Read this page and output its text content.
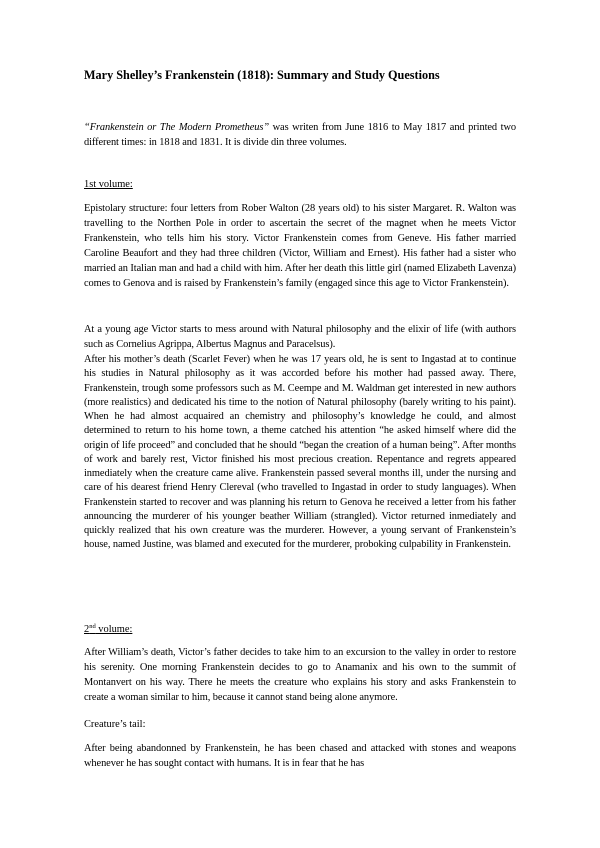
Mary Shelley’s Frankenstein (1818): Summary and Study Questions

“Frankenstein or The Modern Prometheus” was writen from June 1816 to May 1817 and printed two different times: in 1818 and 1831. It is divide din three volumes.

1st volume:

Epistolary structure: four letters from Rober Walton (28 years old) to his sister Margaret. R. Walton was travelling to the Northen Pole in order to ascertain the secret of the magnet when he meets Victor Frankenstein, who tells him his story. Victor Frankenstein comes from Geneve. His father married Caroline Beaufort and they had three children (Victor, William and Ernest). His father had a sister who married an Italian man and had a child with him. After her death this little girl (named Elizabeth Lavenza) comes to Genova and is raised by Frankenstein’s family (engaged since this age to Victor Frankenstein).

At a young age Victor starts to mess around with Natural philosophy and the elixir of life (with authors such as Cornelius Agrippa, Albertus Magnus and Paracelsus).

After his mother’s death (Scarlet Fever) when he was 17 years old, he is sent to Ingastad at to continue his studies in Natural philosophy as it was accorded before his mother had passed away. There, Frankenstein, trough some professors such as M. Ceempe and M. Waldman get interested in new authors (more realistics) and dedicated his time to the notion of Natural philosophy (barely writing to his paint). When he had almost acquaired an chemistry and philosophy’s knowledge he could, and almost determined to return to his home town, a theme catched his attention “he asked himself where did the origin of life proceed” and concluded that he should “began the creation of a human being”. After months of work and barely rest, Victor finished his most precious creation. Repentance and regrets appeared inmediately when the creature came alive. Frankenstein passed several months ill, under the nursing and care of his dearest friend Henry Clereval (who travelled to Ingastad in order to study languages). When Frankenstein started to recover and was planning his return to Genova he received a letter from his father announcing the murderer of his younger beather William (strangled). Victor returned inmediately and quickly realized that his own creature was the murderer. However, a young servant of Frankenstein’s house, named Justine, was blamed and executed for the murderer, proboking culpability in Frankenstein.

2nd volume:

After William’s death, Victor’s father decides to take him to an excursion to the valley in order to restore his serenity. One morning Frankenstein decides to go to Anamanix and his own to the summit of Montanvert on his way. There he meets the creature who explains his story and asks Frankenstein to create a woman similar to him, because it cannot stand being alone anymore.

Creature’s tail:

After being abandonned by Frankenstein, he has been chased and attacked with stones and weapons whenever he has sought contact with humans. It is in fear that he has
